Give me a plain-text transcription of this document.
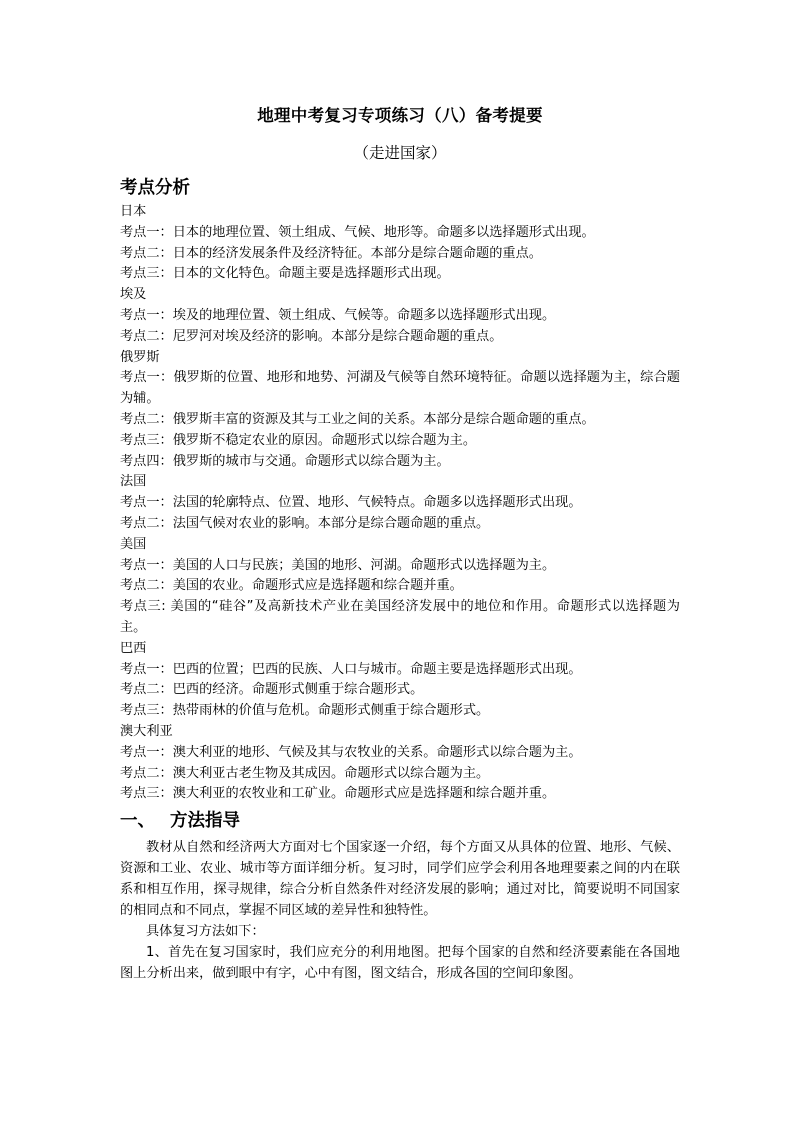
地理中考复习专项练习（八）备考提要
（走进国家）
考点分析
日本
考点一：日本的地理位置、领土组成、气候、地形等。命题多以选择题形式出现。
考点二：日本的经济发展条件及经济特征。本部分是综合题命题的重点。
考点三：日本的文化特色。命题主要是选择题形式出现。
埃及
考点一：埃及的地理位置、领土组成、气候等。命题多以选择题形式出现。
考点二：尼罗河对埃及经济的影响。本部分是综合题命题的重点。
俄罗斯
考点一：俄罗斯的位置、地形和地势、河湖及气候等自然环境特征。命题以选择题为主，综合题为辅。
考点二：俄罗斯丰富的资源及其与工业之间的关系。本部分是综合题命题的重点。
考点三：俄罗斯不稳定农业的原因。命题形式以综合题为主。
考点四：俄罗斯的城市与交通。命题形式以综合题为主。
法国
考点一：法国的轮廓特点、位置、地形、气候特点。命题多以选择题形式出现。
考点二：法国气候对农业的影响。本部分是综合题命题的重点。
美国
考点一：美国的人口与民族；美国的地形、河湖。命题形式以选择题为主。
考点二：美国的农业。命题形式应是选择题和综合题并重。
考点三: 美国的“硅谷”及高新技术产业在美国经济发展中的地位和作用。命题形式以选择题为主。
巴西
考点一：巴西的位置；巴西的民族、人口与城市。命题主要是选择题形式出现。
考点二：巴西的经济。命题形式侧重于综合题形式。
考点三：热带雨林的价值与危机。命题形式侧重于综合题形式。
澳大利亚
考点一：澳大利亚的地形、气候及其与农牧业的关系。命题形式以综合题为主。
考点二：澳大利亚古老生物及其成因。命题形式以综合题为主。
考点三：澳大利亚的农牧业和工矿业。命题形式应是选择题和综合题并重。
一、 方法指导
教材从自然和经济两大方面对七个国家逐一介绍，每个方面又从具体的位置、地形、气候、资源和工业、农业、城市等方面详细分析。复习时，同学们应学会利用各地理要素之间的内在联系和相互作用，探寻规律，综合分析自然条件对经济发展的影响；通过对比，简要说明不同国家的相同点和不同点，掌握不同区域的差异性和独特性。
具体复习方法如下：
1、首先在复习国家时，我们应充分的利用地图。把每个国家的自然和经济要素能在各国地图上分析出来，做到眼中有字，心中有图，图文结合，形成各国的空间印象图。
